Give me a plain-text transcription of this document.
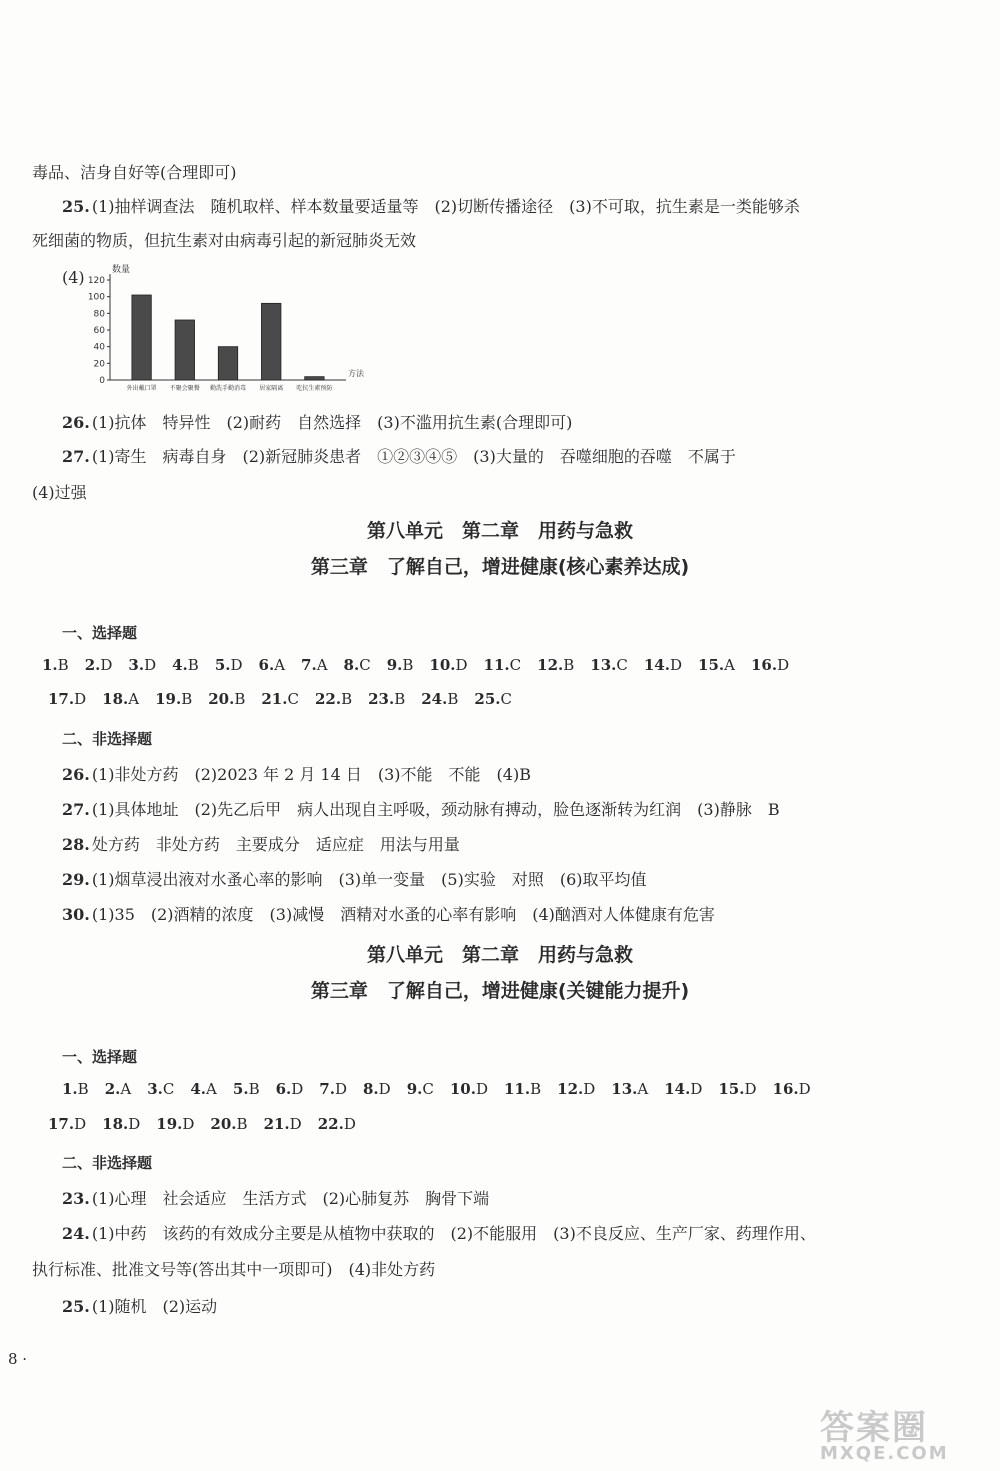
毒品、洁身自好等(合理即可)
25. (1)抽样调查法　随机取样、样本数量要适量等　(2)切断传播途径　(3)不可取，抗生素是一类能够杀
死细菌的物质，但抗生素对由病毒引起的新冠肺炎无效
(4)
0
20
40
60
80
100
120
数量
方法
外出戴口罩 不聚会聚餐 勤洗手勤消毒 居家隔离 吃抗生素预防
26. (1)抗体　特异性　(2)耐药　自然选择　(3)不滥用抗生素(合理即可)
27. (1)寄生　病毒自身　(2)新冠肺炎患者　①②③④⑤　(3)大量的　吞噬细胞的吞噬　不属于
(4)过强
第八单元　第二章　用药与急救
第三章　了解自己，增进健康(核心素养达成)
一、选择题
1.B 2.D 3.D 4.B 5.D 6.A 7.A 8.C 9.B 10.D 11.C 12.B 13.C 14.D 15.A 16.D
17.D 18.A 19.B 20.B 21.C 22.B 23.B 24.B 25.C
二、非选择题
26. (1)非处方药　(2)2023 年 2 月 14 日　(3)不能　不能　(4)B
27. (1)具体地址　(2)先乙后甲　病人出现自主呼吸，颈动脉有搏动，脸色逐渐转为红润　(3)静脉　B
28. 处方药　非处方药　主要成分　适应症　用法与用量
29. (1)烟草浸出液对水蚤心率的影响　(3)单一变量　(5)实验　对照　(6)取平均值
30. (1)35　(2)酒精的浓度　(3)减慢　酒精对水蚤的心率有影响　(4)酗酒对人体健康有危害
第八单元　第二章　用药与急救
第三章　了解自己，增进健康(关键能力提升)
一、选择题
1.B 2.A 3.C 4.A 5.B 6.D 7.D 8.D 9.C 10.D 11.B 12.D 13.A 14.D 15.D 16.D
17.D 18.D 19.D 20.B 21.D 22.D
二、非选择题
23. (1)心理　社会适应　生活方式　(2)心肺复苏　胸骨下端
24. (1)中药　该药的有效成分主要是从植物中获取的　(2)不能服用　(3)不良反应、生产厂家、药理作用、
执行标准、批准文号等(答出其中一项即可)　(4)非处方药
25. (1)随机　(2)运动
8 ·
答案圈
MXQE.COM
